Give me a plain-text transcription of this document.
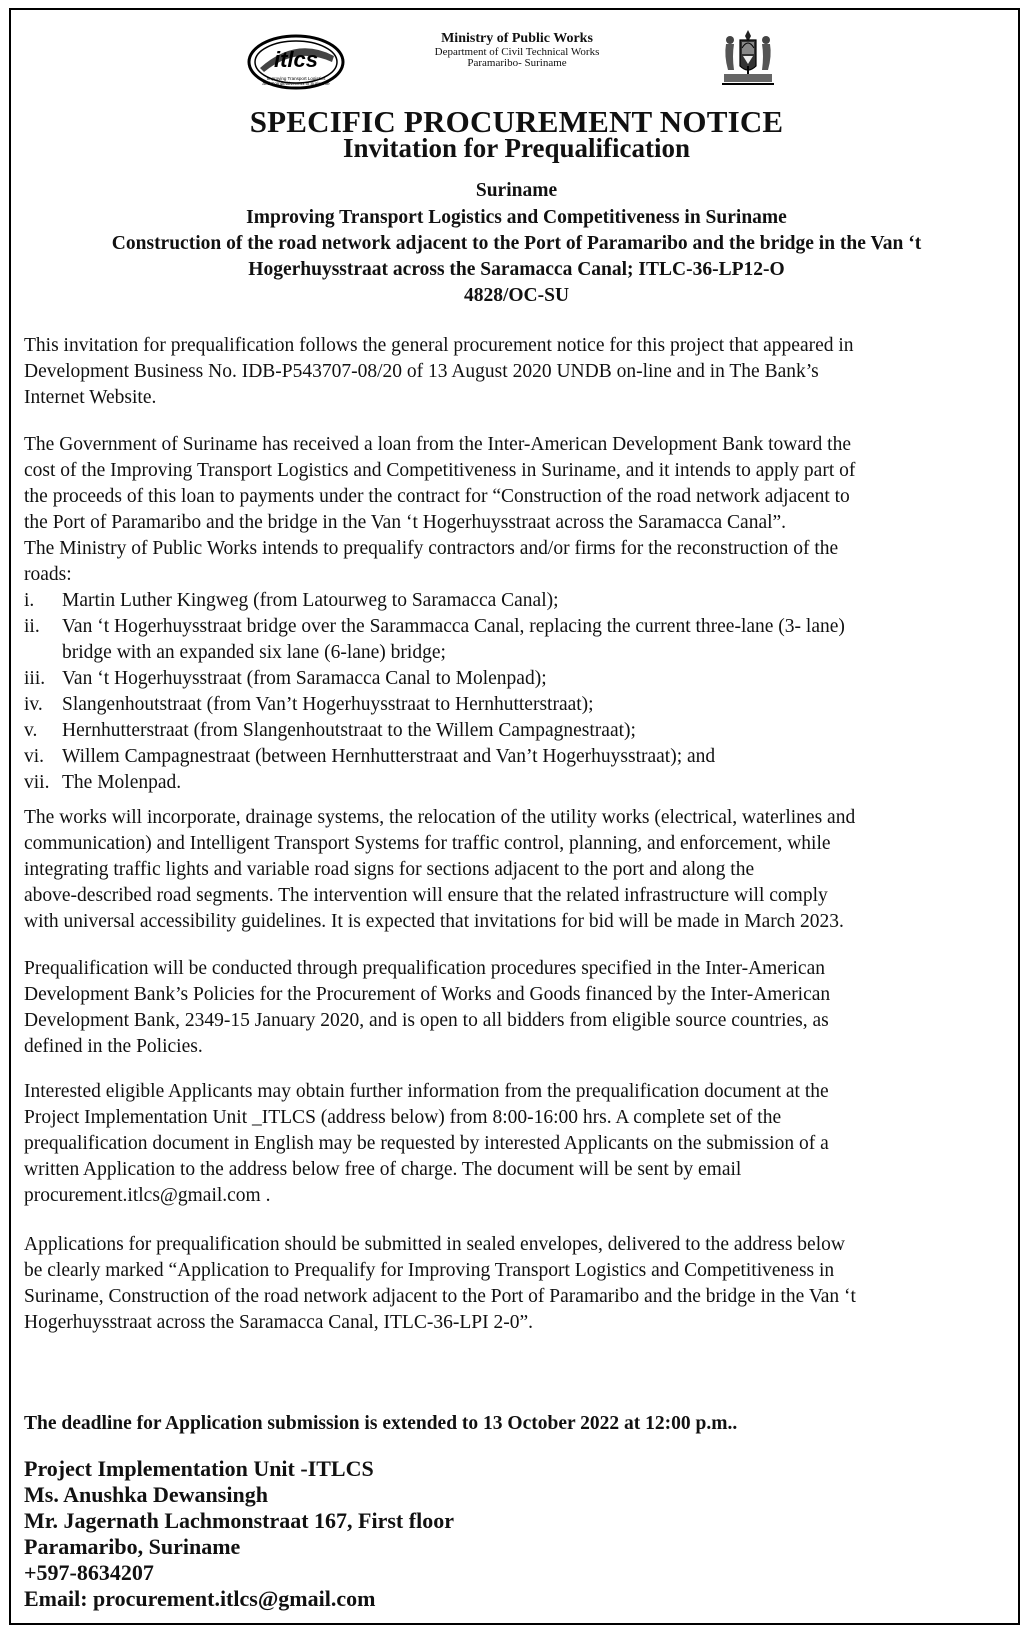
itlcs
Improving Transport Logistics
and Competitiveness in Suriname
Ministry of Public Works
Department of Civil Technical Works
Paramaribo- Suriname
SPECIFIC PROCUREMENT NOTICE
Invitation for Prequalification
Suriname
Improving Transport Logistics and Competitiveness in Suriname
Construction of the road network adjacent to the Port of Paramaribo and the bridge in the Van ‘t
Hogerhuysstraat across the Saramacca Canal; ITLC-36-LP12-O
4828/OC-SU
This invitation for prequalification follows the general procurement notice for this project that appeared in
Development Business No. IDB-P543707-08/20 of 13 August 2020 UNDB on-line and in The Bank’s
Internet Website.
The Government of Suriname has received a loan from the Inter-American Development Bank toward the
cost of the Improving Transport Logistics and Competitiveness in Suriname, and it intends to apply part of
the proceeds of this loan to payments under the contract for “Construction of the road network adjacent to
the Port of Paramaribo and the bridge in the Van ‘t Hogerhuysstraat across the Saramacca Canal”.
The Ministry of Public Works intends to prequalify contractors and/or firms for the reconstruction of the
roads:
i.	Martin Luther Kingweg (from Latourweg to Saramacca Canal);
ii.	Van ‘t Hogerhuysstraat bridge over the Sarammacca Canal, replacing the current three-lane (3- lane)
bridge with an expanded six lane (6-lane) bridge;
iii. Van ‘t Hogerhuysstraat (from Saramacca Canal to Molenpad);
iv. Slangenhoutstraat (from Van’t Hogerhuysstraat to Hernhutterstraat);
v.	Hernhutterstraat (from Slangenhoutstraat to the Willem Campagnestraat);
vi. Willem Campagnestraat (between Hernhutterstraat and Van’t Hogerhuysstraat); and
vii. The Molenpad.
The works will incorporate, drainage systems, the relocation of the utility works (electrical, waterlines and
communication) and Intelligent Transport Systems for traffic control, planning, and enforcement, while
integrating traffic lights and variable road signs for sections adjacent to the port and along the
above-described road segments. The intervention will ensure that the related infrastructure will comply
with universal accessibility guidelines. It is expected that invitations for bid will be made in March 2023.
Prequalification will be conducted through prequalification procedures specified in the Inter-American
Development Bank’s Policies for the Procurement of Works and Goods financed by the Inter-American
Development Bank, 2349-15 January 2020, and is open to all bidders from eligible source countries, as
defined in the Policies.
Interested eligible Applicants may obtain further information from the prequalification document at the
Project Implementation Unit _ITLCS (address below) from 8:00-16:00 hrs. A complete set of the
prequalification document in English may be requested by interested Applicants on the submission of a
written Application to the address below free of charge. The document will be sent by email
procurement.itlcs@gmail.com .
Applications for prequalification should be submitted in sealed envelopes, delivered to the address below
be clearly marked “Application to Prequalify for Improving Transport Logistics and Competitiveness in
Suriname, Construction of the road network adjacent to the Port of Paramaribo and the bridge in the Van ‘t
Hogerhuysstraat across the Saramacca Canal, ITLC-36-LPI 2-0”.
The deadline for Application submission is extended to 13 October 2022 at 12:00 p.m..
Project Implementation Unit -ITLCS
Ms. Anushka Dewansingh
Mr. Jagernath Lachmonstraat 167, First floor
Paramaribo, Suriname
+597-8634207
Email: procurement.itlcs@gmail.com
